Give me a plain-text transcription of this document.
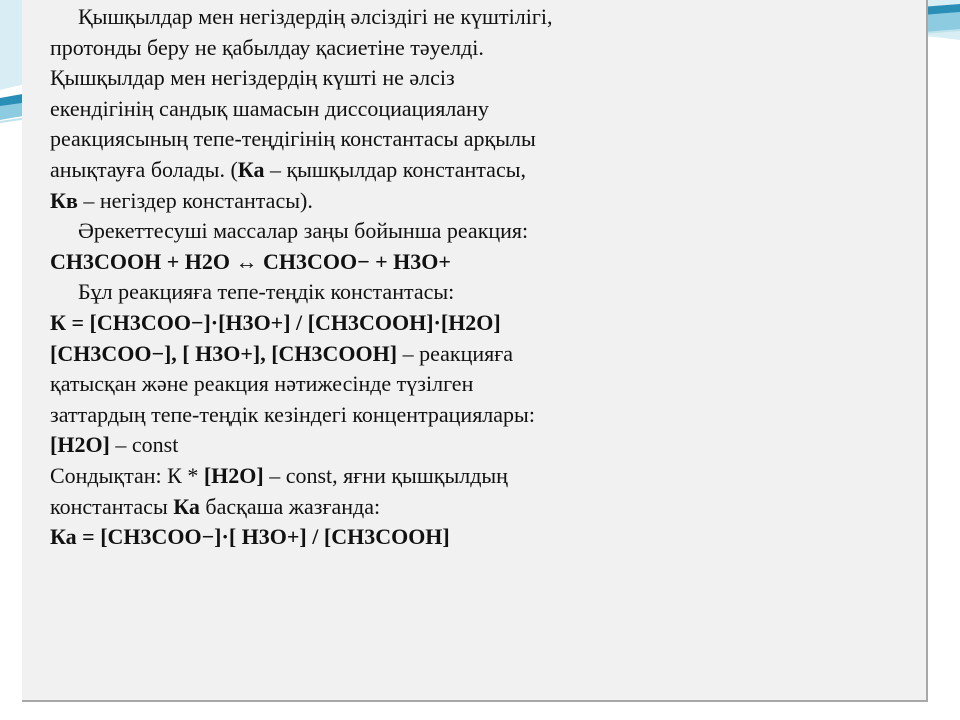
Қышқылдар мен негіздердің әлсіздігі не күштілігі,
протонды беру не қабылдау қасиетіне тәуелді.
Қышқылдар мен негіздердің күшті не әлсіз
екендігінің сандық шамасын диссоциациялану
реакциясының тепе-теңдігінің константасы арқылы
анықтауға болады. (Ка – қышқылдар константасы,
Кв – негіздер константасы).
Әрекеттесуші массалар заңы бойынша реакция:
CH3COOH + H2O ↔ CH3COO− + H3O+
Бұл реакцияға тепе-теңдік константасы:
К = [CH3COO−]·[H3O+] / [CH3COOH]·[H2O]
[CH3COO−], [ H3O+], [CH3COOH] – реакцияға
қатысқан және реакция нәтижесінде түзілген
заттардың тепе-теңдік кезіндегі концентрациялары:
[H2O] – const
Сондықтан: К * [H2O] – const, яғни қышқылдың
константасы Ка басқаша жазғанда:
Ка = [CH3COO−]·[ H3O+] / [CH3COOH]
